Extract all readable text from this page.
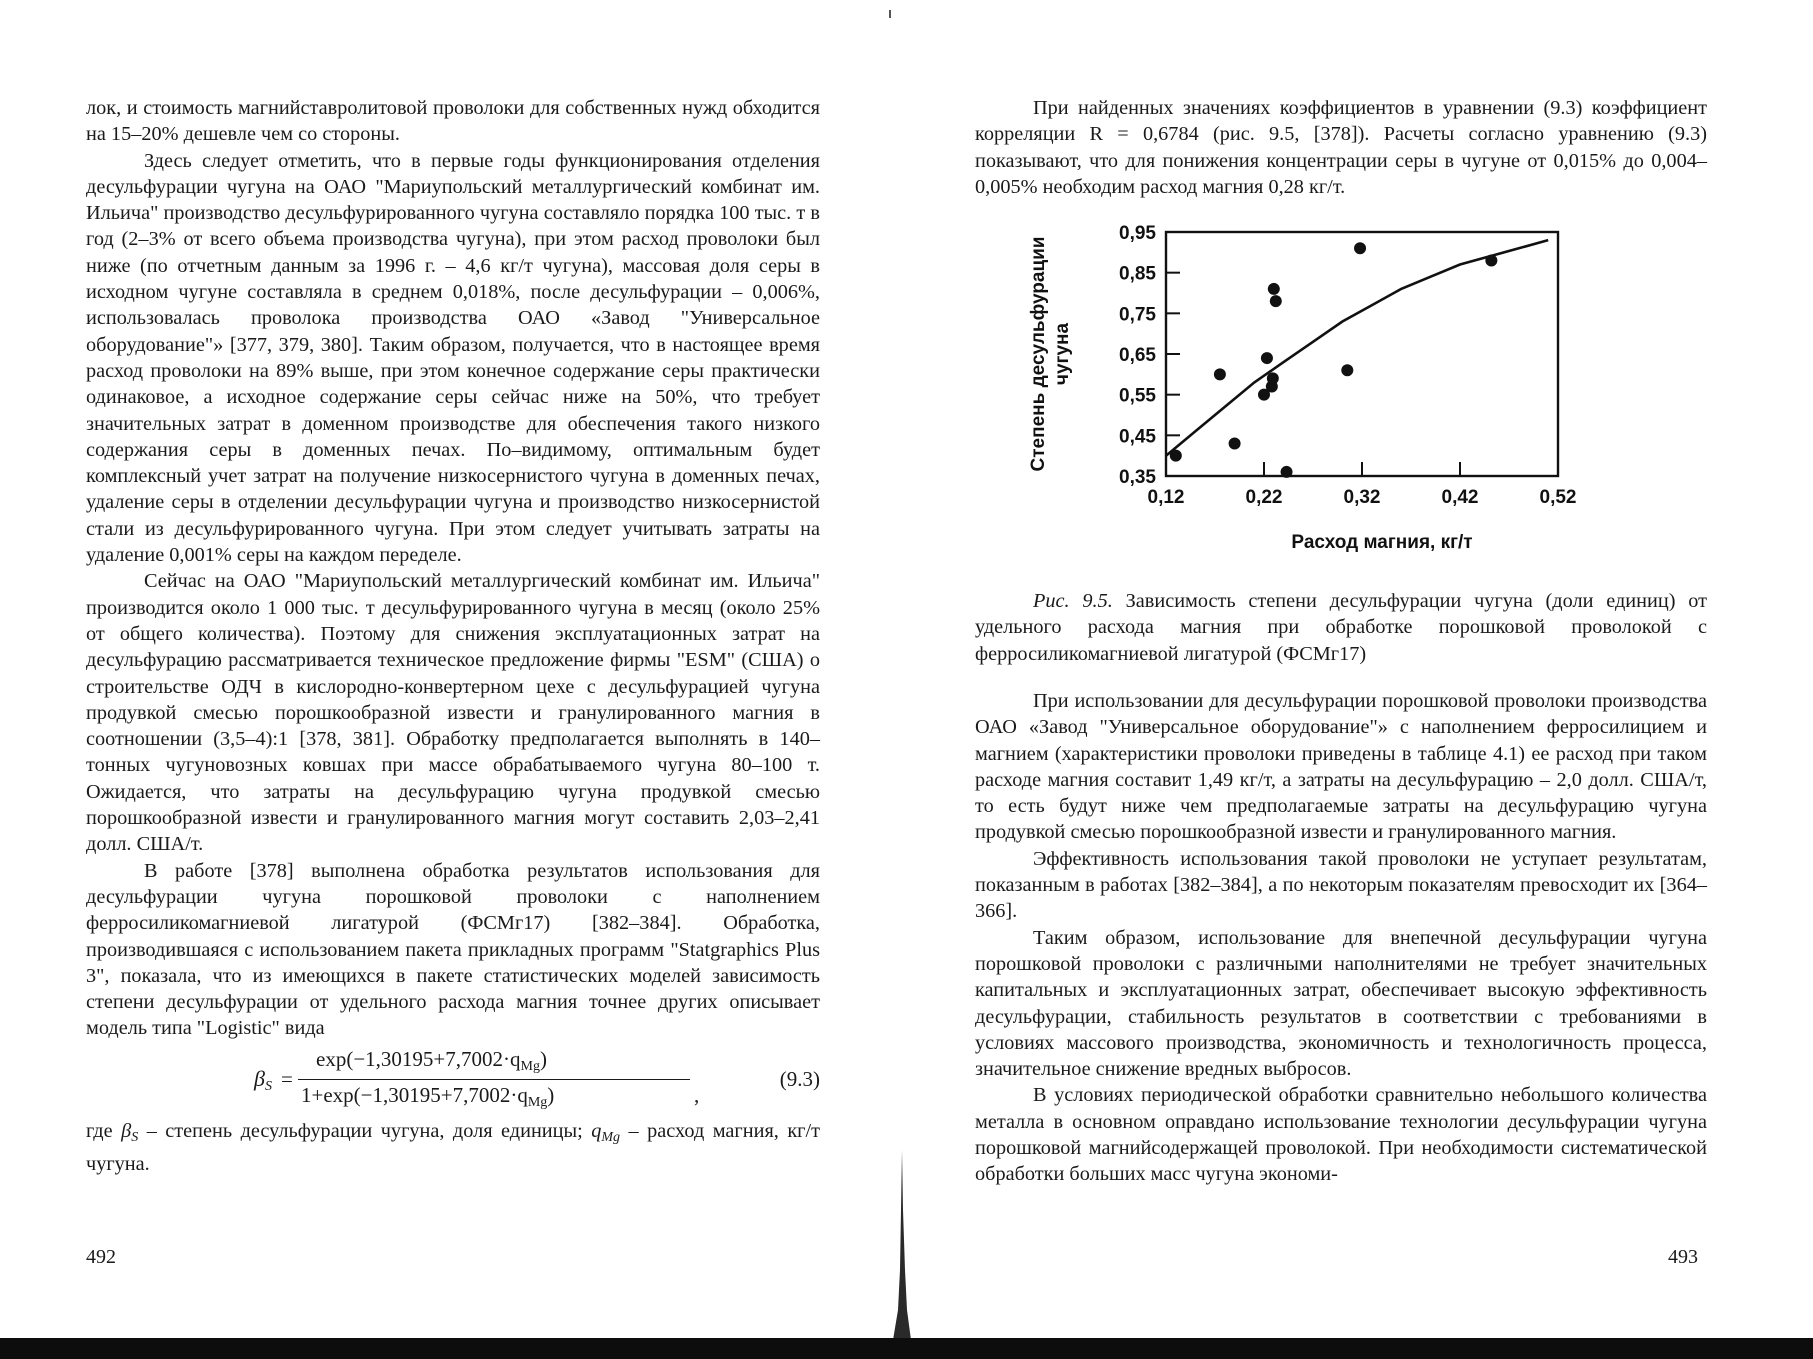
лок, и стоимость магнийставролитовой проволоки для собственных нужд обходится на 15–20% дешевле чем со стороны.

Здесь следует отметить, что в первые годы функционирования отделения десульфурации чугуна на ОАО "Мариупольский металлургический комбинат им. Ильича" производство десульфурированного чугуна составляло порядка 100 тыс. т в год (2–3% от всего объема производства чугуна), при этом расход проволоки был ниже (по отчетным данным за 1996 г. – 4,6 кг/т чугуна), массовая доля серы в исходном чугуне составляла в среднем 0,018%, после десульфурации – 0,006%, использовалась проволока производства ОАО «Завод "Универсальное оборудование"» [377, 379, 380]. Таким образом, получается, что в настоящее время расход проволоки на 89% выше, при этом конечное содержание серы практически одинаковое, а исходное содержание серы сейчас ниже на 50%, что требует значительных затрат в доменном производстве для обеспечения такого низкого содержания серы в доменных печах. По–видимому, оптимальным будет комплексный учет затрат на получение низкосернистого чугуна в доменных печах, удаление серы в отделении десульфурации чугуна и производство низкосернистой стали из десульфурированного чугуна. При этом следует учитывать затраты на удаление 0,001% серы на каждом переделе.

Сейчас на ОАО "Мариупольский металлургический комбинат им. Ильича" производится около 1 000 тыс. т десульфурированного чугуна в месяц (около 25% от общего количества). Поэтому для снижения эксплуатационных затрат на десульфурацию рассматривается техническое предложение фирмы "ESM" (США) о строительстве ОДЧ в кислородно-конвертерном цехе с десульфурацией чугуна продувкой смесью порошкообразной извести и гранулированного магния в соотношении (3,5–4):1 [378, 381]. Обработку предполагается выполнять в 140–тонных чугуновозных ковшах при массе обрабатываемого чугуна 80–100 т. Ожидается, что затраты на десульфурацию чугуна продувкой смесью порошкообразной извести и гранулированного магния могут составить 2,03–2,41 долл. США/т.

В работе [378] выполнена обработка результатов использования для десульфурации чугуна порошковой проволоки с наполнением ферросиликомагниевой лигатурой (ФСМг17) [382–384]. Обработка, производившаяся с использованием пакета прикладных программ "Statgraphics Plus 3", показала, что из имеющихся в пакете статистических моделей зависимость степени десульфурации от удельного расхода магния точнее других описывает модель типа "Logistic" вида

$\beta_S$ =
$\exp(-1,30195+7,7002\cdot q_{Mg})$
$1+\exp(-1,30195+7,7002\cdot q_{Mg})$	,
(9.3)

где $\beta_S$ – степень десульфурации чугуна, доля единицы; $q_{Mg}$ – расход магния, кг/т чугуна.

492

При найденных значениях коэффициентов в уравнении (9.3) коэффициент корреляции R = 0,6784 (рис. 9.5, [378]). Расчеты согласно уравнению (9.3) показывают, что для понижения концентрации серы в чугуне от 0,015% до 0,004–0,005% необходим расход магния 0,28 кг/т.

0,35
0,45
0,55
0,65
0,75
0,85
0,95
0,12	0,22	0,32	0,42	0,52
Расход магния, кг/т
Степень десульфурации чугуна
Рис. 9.5. Зависимость степени десульфурации чугуна (доли единиц) от удельного расхода магния при обработке порошковой проволокой с ферросиликомагниевой лигатурой (ФСМг17)

При использовании для десульфурации порошковой проволоки производства ОАО «Завод "Универсальное оборудование"» с наполнением ферросилицием и магнием (характеристики проволоки приведены в таблице 4.1) ее расход при таком расходе магния составит 1,49 кг/т, а затраты на десульфурацию – 2,0 долл. США/т, то есть будут ниже чем предполагаемые затраты на десульфурацию чугуна продувкой смесью порошкообразной извести и гранулированного магния.

Эффективность использования такой проволоки не уступает результатам, показанным в работах [382–384], а по некоторым показателям превосходит их [364–366].

Таким образом, использование для внепечной десульфурации чугуна порошковой проволоки с различными наполнителями не требует значительных капитальных и эксплуатационных затрат, обеспечивает высокую эффективность десульфурации, стабильность результатов в соответствии с требованиями в условиях массового производства, экономичность и технологичность процесса, значительное снижение вредных выбросов.

В условиях периодической обработки сравнительно небольшого количества металла в основном оправдано использование технологии десульфурации чугуна порошковой магнийсодержащей проволокой. При необходимости систематической обработки больших масс чугуна экономи-

493
